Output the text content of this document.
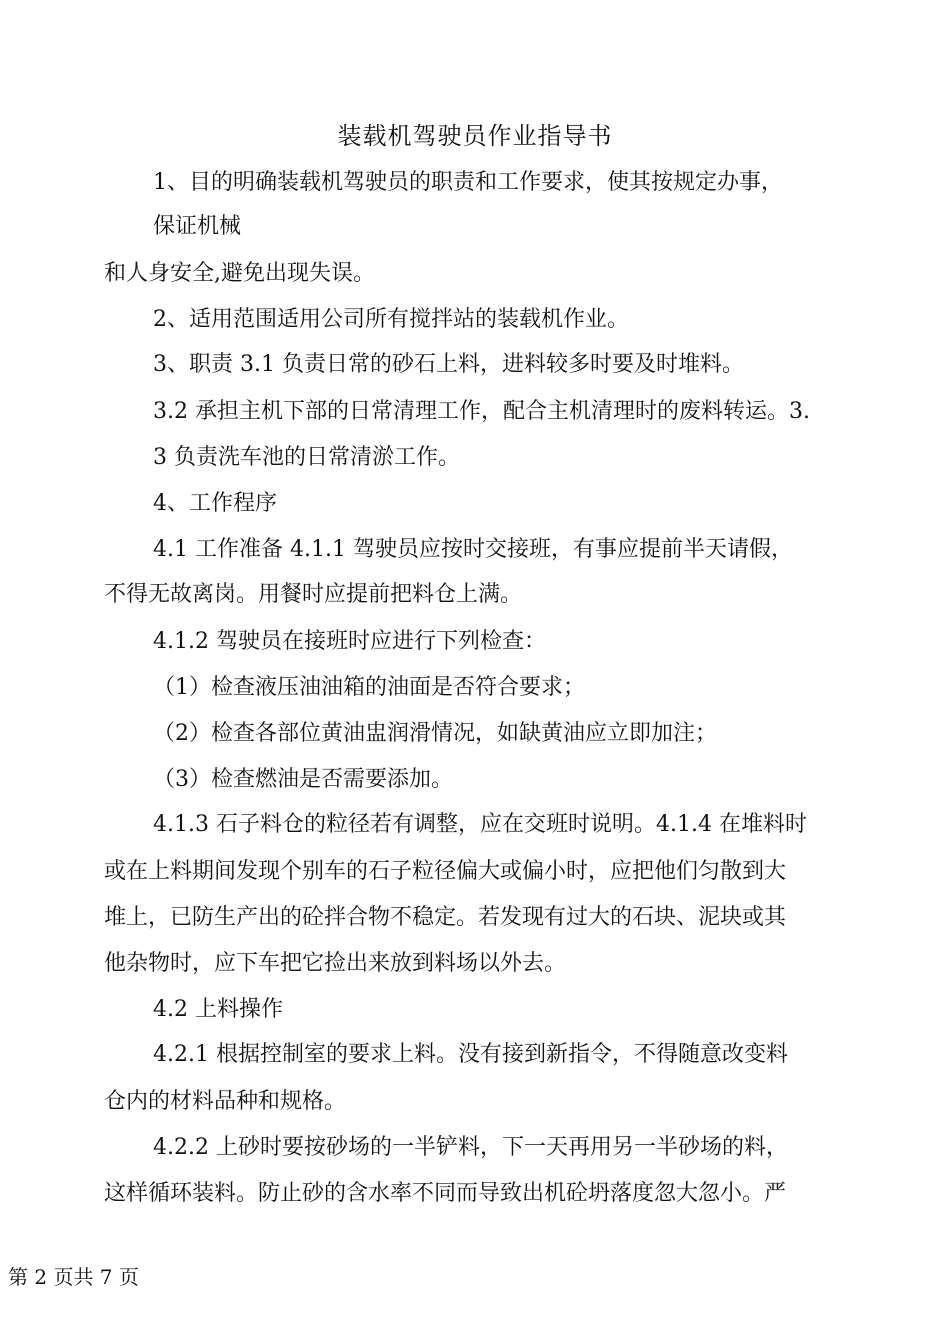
装载机驾驶员作业指导书
1、目的明确装载机驾驶员的职责和工作要求，使其按规定办事，
保证机械
和人身安全,避免出现失误。
2、适用范围适用公司所有搅拌站的装载机作业。
3、职责 3.1 负责日常的砂石上料，进料较多时要及时堆料。
3.2 承担主机下部的日常清理工作，配合主机清理时的废料转运。3.
3 负责洗车池的日常清淤工作。
4、工作程序
4.1 工作准备 4.1.1 驾驶员应按时交接班，有事应提前半天请假，
不得无故离岗。用餐时应提前把料仓上满。
4.1.2 驾驶员在接班时应进行下列检查：
（1）检查液压油油箱的油面是否符合要求；
（2）检查各部位黄油盅润滑情况，如缺黄油应立即加注；
（3）检查燃油是否需要添加。
4.1.3 石子料仓的粒径若有调整，应在交班时说明。4.1.4 在堆料时
或在上料期间发现个别车的石子粒径偏大或偏小时，应把他们匀散到大
堆上，已防生产出的砼拌合物不稳定。若发现有过大的石块、泥块或其
他杂物时，应下车把它捡出来放到料场以外去。
4.2 上料操作
4.2.1 根据控制室的要求上料。没有接到新指令，不得随意改变料
仓内的材料品种和规格。
4.2.2 上砂时要按砂场的一半铲料，下一天再用另一半砂场的料，
这样循环装料。防止砂的含水率不同而导致出机砼坍落度忽大忽小。严
第 2 页共 7 页
